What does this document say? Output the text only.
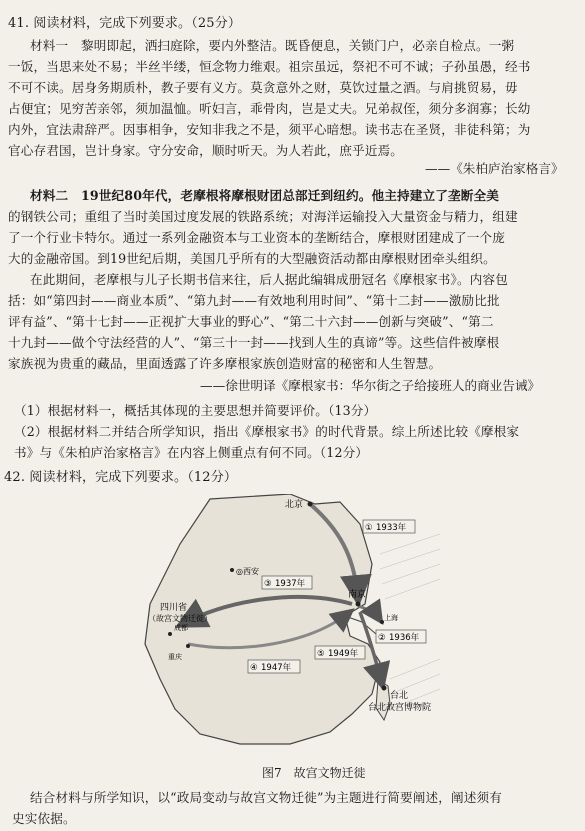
41. 阅读材料，完成下列要求。（25分）
材料一　黎明即起，洒扫庭除，要内外整洁。既昏便息，关锁门户，必亲自检点。一粥
一饭，当思来处不易；半丝半缕，恒念物力维艰。祖宗虽远，祭祀不可不诚；子孙虽愚，经书
不可不读。居身务期质朴，教子要有义方。莫贪意外之财，莫饮过量之酒。与肩挑贸易，毋
占便宜；见穷苦亲邻，须加温恤。听妇言，乖骨肉，岂是丈夫。兄弟叔侄，须分多润寡；长幼
内外，宜法肃辞严。因事相争，安知非我之不是，须平心暗想。读书志在圣贤，非徒科第；为
官心存君国，岂计身家。守分安命，顺时听天。为人若此，庶乎近焉。
——《朱柏庐治家格言》
材料二　19世纪80年代，老摩根将摩根财团总部迁到纽约。他主持建立了垄断全美
的钢铁公司；重组了当时美国过度发展的铁路系统；对海洋运输投入大量资金与精力，组建
了一个行业卡特尔。通过一系列金融资本与工业资本的垄断结合，摩根财团建成了一个庞
大的金融帝国。到19世纪后期，美国几乎所有的大型融资活动都由摩根财团牵头组织。
在此期间，老摩根与儿子长期书信来往，后人据此编辑成册冠名《摩根家书》。内容包
括：如“第四封——商业本质”、“第九封——有效地利用时间”、“第十二封——激励比批
评有益”、“第十七封——正视扩大事业的野心”、“第二十六封——创新与突破”、“第二
十九封——做个守法经营的人”、“第三十一封——找到人生的真谛”等。这些信件被摩根
家族视为贵重的藏品，里面透露了许多摩根家族创造财富的秘密和人生智慧。
——徐世明译《摩根家书：华尔街之子给接班人的商业告诫》
（1）根据材料一，概括其体现的主要思想并简要评价。（13分）
（2）根据材料二并结合所学知识，指出《摩根家书》的时代背景。综上所述比较《摩根家
书》与《朱柏庐治家格言》在内容上侧重点有何不同。（12分）
42. 阅读材料，完成下列要求。（12分）
北京
◎西安
南京
上海
成都
重庆
四川省
（故宫文物迁徙）
台北
台北故宫博物院
① 1933年
② 1936年
③ 1937年
④ 1947年
⑤ 1949年
图7　故宫文物迁徙
结合材料与所学知识，以“政局变动与故宫文物迁徙”为主题进行简要阐述，阐述须有
史实依据。
